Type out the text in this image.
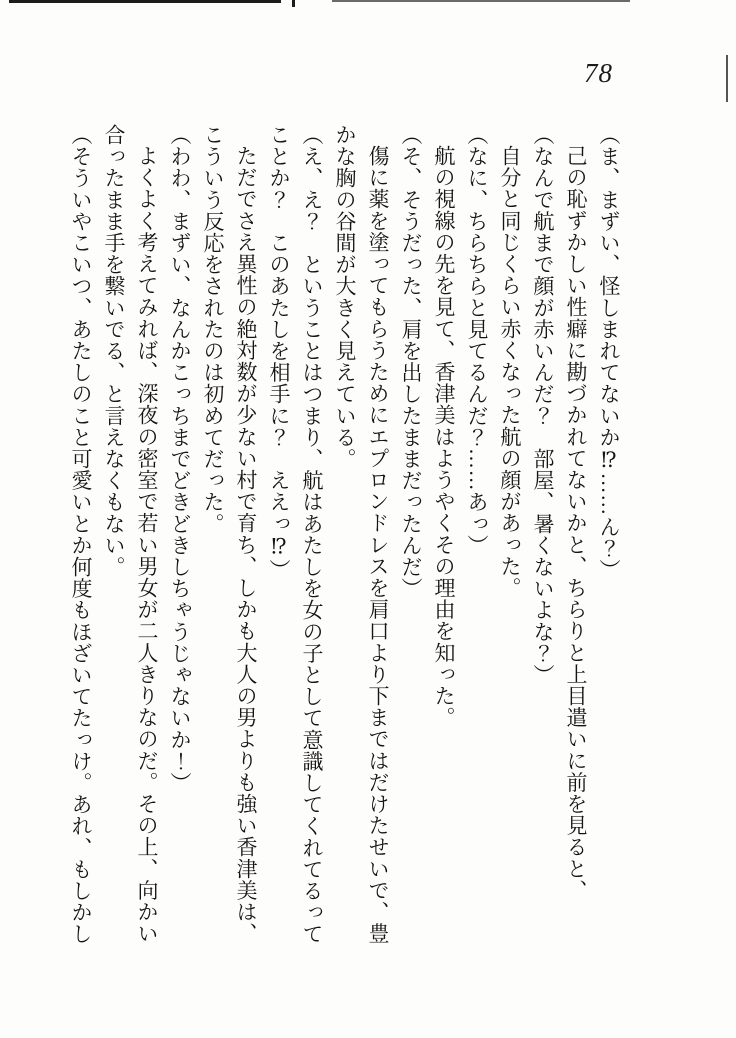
78

（ま、まずい、怪しまれてないか⁉……ん？）

己の恥ずかしい性癖に勘づかれてないかと、ちらりと上目遣いに前を見ると、

（なんで航まで顔が赤いんだ？　部屋、暑くないよな？）

自分と同じくらい赤くなった航の顔があった。

（なに、ちらちらと見てるんだ？……あっ）

航の視線の先を見て、香津美はようやくその理由を知った。

（そ、そうだった、肩を出したままだったんだ）

傷に薬を塗ってもらうためにエプロンドレスを肩口より下まではだけたせいで、豊

かな胸の谷間が大きく見えている。

（え、え？　ということはつまり、航はあたしを女の子として意識してくれてるって

ことか？　このあたしを相手に？　ええっ⁉）

ただでさえ異性の絶対数が少ない村で育ち、しかも大人の男よりも強い香津美は、

こういう反応をされたのは初めてだった。

（わわ、まずい、なんかこっちまでどきどきしちゃうじゃないか！）

よくよく考えてみれば、深夜の密室で若い男女が二人きりなのだ。その上、向かい

合ったまま手を繋いでる、と言えなくもない。

（そういやこいつ、あたしのこと可愛いとか何度もほざいてたっけ。あれ、もしかし
